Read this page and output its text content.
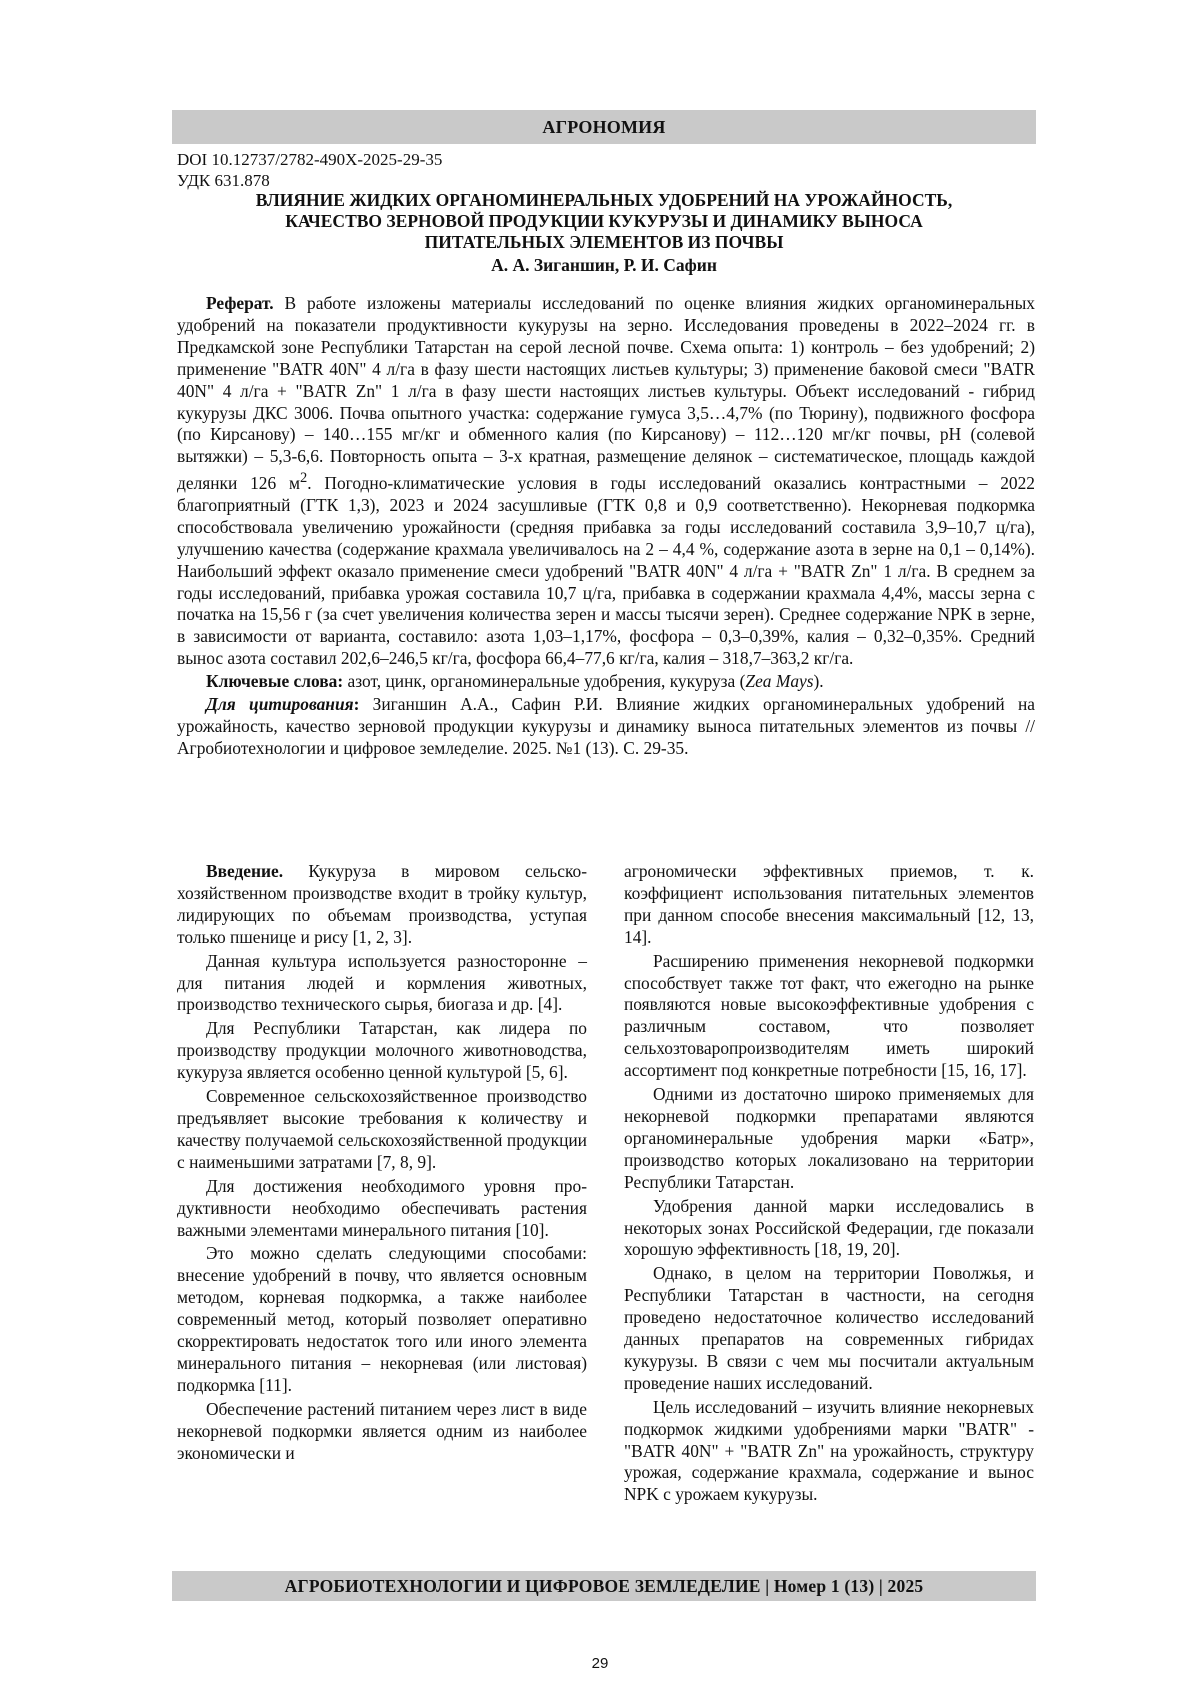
АГРОНОМИЯ
DOI 10.12737/2782-490X-2025-29-35
УДК 631.878
ВЛИЯНИЕ ЖИДКИХ ОРГАНОМИНЕРАЛЬНЫХ УДОБРЕНИЙ НА УРОЖАЙНОСТЬ,
КАЧЕСТВО ЗЕРНОВОЙ ПРОДУКЦИИ КУКУРУЗЫ И ДИНАМИКУ ВЫНОСА
ПИТАТЕЛЬНЫХ ЭЛЕМЕНТОВ ИЗ ПОЧВЫ
А. А. Зиганшин, Р. И. Сафин

Реферат. В работе изложены материалы исследований по оценке влияния жидких органоминеральных удобрений на показатели продуктивности кукурузы на зерно. Исследования проведены в 2022–2024 гг. в Предкамской зоне Республики Татарстан на серой лесной почве. Схема опыта: 1) контроль – без удобрений; 2) применение "BATR 40N" 4 л/га в фазу шести настоящих листьев культуры; 3) применение баковой смеси "BATR 40N" 4 л/га + "BATR Zn" 1 л/га в фазу шести настоящих листьев культуры. Объект исследований - гибрид кукурузы ДКС 3006. Почва опытного участка: содержание гумуса 3,5…4,7% (по Тюрину), подвижного фосфора (по Кирсанову) – 140…155 мг/кг и обменного калия (по Кирсанову) – 112…120 мг/кг почвы, рН (солевой вытяжки) – 5,3-6,6. Повторность опыта – 3-х кратная, размещение делянок – систематическое, площадь каждой делянки 126 $м^2$. Погодно-климатические условия в годы исследований оказались контрастными – 2022 благоприятный (ГТК 1,3), 2023 и 2024 засушливые (ГТК 0,8 и 0,9 соответственно). Некорневая подкормка способствовала увеличению урожайности (средняя прибавка за годы исследований составила 3,9–10,7 ц/га), улучшению качества (содержание крахмала увеличивалось на 2 – 4,4 %, содержание азота в зерне на 0,1 – 0,14%). Наибольший эффект оказало применение смеси удобрений "BATR 40N" 4 л/га + "BATR Zn" 1 л/га. В среднем за годы исследований, прибавка урожая составила 10,7 ц/га, прибавка в содержании крахмала 4,4%, массы зерна с початка на 15,56 г (за счет увеличения количества зерен и массы тысячи зерен). Среднее содержание NPK в зерне, в зависимости от варианта, составило: азота 1,03–1,17%, фосфора – 0,3–0,39%, калия – 0,32–0,35%. Средний вынос азота составил 202,6–246,5 кг/га, фосфора 66,4–77,6 кг/га, калия – 318,7–363,2 кг/га.

Ключевые слова: азот, цинк, органоминеральные удобрения, кукуруза (Zea Mays).

Для цитирования: Зиганшин А.А., Сафин Р.И. Влияние жидких органоминеральных удобрений на урожайность, качество зерновой продукции кукурузы и динамику выноса питательных элементов из почвы // Агробиотехнологии и цифровое земледелие. 2025. №1 (13). С. 29-35.

Введение. Кукуруза в мировом сельскохозяйственном производстве входит в тройку культур, лидирующих по объемам производства, уступая только пшенице и рису [1, 2, 3].

Данная культура используется разносторонне – для питания людей и кормления животных, производство технического сырья, биогаза и др. [4].

Для Республики Татарстан, как лидера по производству продукции молочного животноводства, кукуруза является особенно ценной культурой [5, 6].

Современное сельскохозяйственное производство предъявляет высокие требования к количеству и качеству получаемой сельскохозяйственной продукции с наименьшими затратами [7, 8, 9].

Для достижения необходимого уровня продуктивности необходимо обеспечивать растения важными элементами минерального питания [10].

Это можно сделать следующими способами: внесение удобрений в почву, что является основным методом, корневая подкормка, а также наиболее современный метод, который позволяет оперативно скорректировать недостаток того или иного элемента минерального питания – некорневая (или листовая) подкормка [11].

Обеспечение растений питанием через лист в виде некорневой подкормки является одним из наиболее экономически и

агрономически эффективных приемов, т. к. коэффициент использования питательных элементов при данном способе внесения максимальный [12, 13, 14].

Расширению применения некорневой подкормки способствует также тот факт, что ежегодно на рынке появляются новые высокоэффективные удобрения с различным составом, что позволяет сельхозтоваропроизводителям иметь широкий ассортимент под конкретные потребности [15, 16, 17].

Одними из достаточно широко применяемых для некорневой подкормки препаратами являются органоминеральные удобрения марки «Батр», производство которых локализовано на территории Республики Татарстан.

Удобрения данной марки исследовались в некоторых зонах Российской Федерации, где показали хорошую эффективность [18, 19, 20].

Однако, в целом на территории Поволжья, и Республики Татарстан в частности, на сегодня проведено недостаточное количество исследований данных препаратов на современных гибридах кукурузы. В связи с чем мы посчитали актуальным проведение наших исследований.

Цель исследований – изучить влияние некорневых подкормок жидкими удобрениями марки "BATR" - "BATR 40N" + "BATR Zn" на урожайность, структуру урожая, содержание крахмала, содержание и вынос NPK с урожаем кукурузы.

АГРОБИОТЕХНОЛОГИИ И ЦИФРОВОЕ ЗЕМЛЕДЕЛИЕ | Номер 1 (13) | 2025
29
